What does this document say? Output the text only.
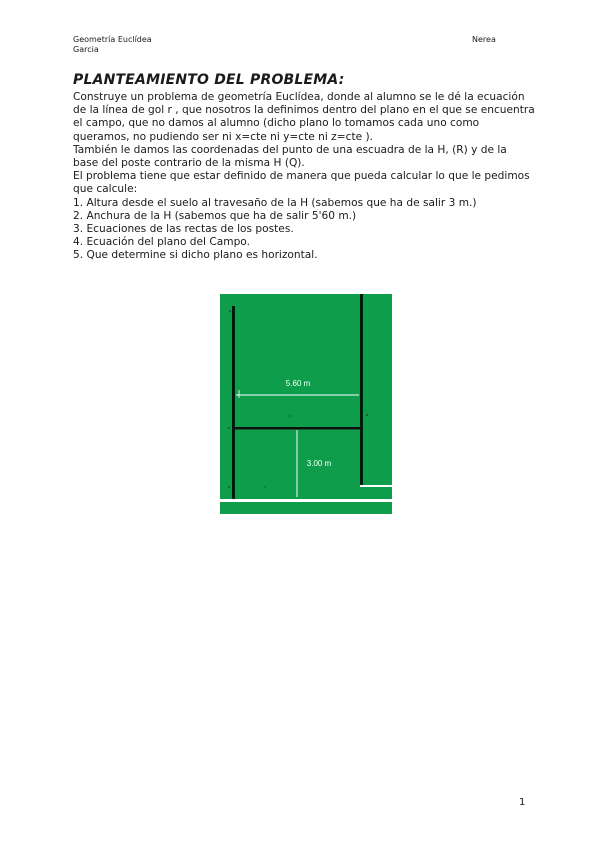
Geometría Euclídea
Garcia
Nerea
PLANTEAMIENTO DEL PROBLEMA:

Construye un problema de geometría Euclídea, donde al alumno se le dé la ecuación de la línea de gol r , que nosotros la definimos dentro del plano en el que se encuentra el campo, que no damos al alumno (dicho plano lo tomamos cada uno como queramos, no pudiendo ser ni x=cte ni y=cte ni z=cte ).

También le damos las coordenadas del punto de una escuadra de la H, (R) y de la base del poste contrario de la misma H (Q).

El problema tiene que estar definido de manera que pueda calcular lo que le pedimos que calcule:

1. Altura desde el suelo al travesaño de la H (sabemos que ha de salir 3 m.)
2. Anchura de la H (sabemos que ha de salir 5'60 m.)
3. Ecuaciones de las rectas de los postes.
4. Ecuación del plano del Campo.
5. Que determine si dicho plano es horizontal.
5.60 m
3.00 m
1
